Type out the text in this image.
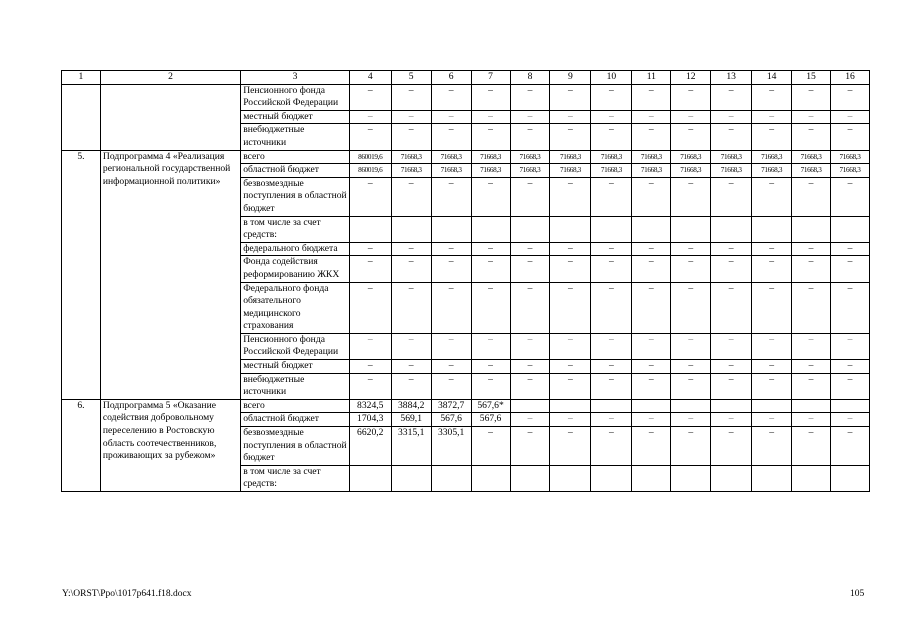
1	2	3	4	5	6	7	8	9	10	11	12	13	14	15	16
		Пенсионного фонда Российской Федерации	–	–	–	–	–	–	–	–	–	–	–	–	–
		местный бюджет	–	–	–	–	–	–	–	–	–	–	–	–	–
		внебюджетные источники	–	–	–	–	–	–	–	–	–	–	–	–	–
5.	Подпрограмма 4 «Реализация региональной государственной информационной политики»	всего	860019,6	71668,3	71668,3	71668,3	71668,3	71668,3	71668,3	71668,3	71668,3	71668,3	71668,3	71668,3	71668,3
		областной бюджет	860019,6	71668,3	71668,3	71668,3	71668,3	71668,3	71668,3	71668,3	71668,3	71668,3	71668,3	71668,3	71668,3
		безвозмездные поступления в областной бюджет	–	–	–	–	–	–	–	–	–	–	–	–	–
		в том числе за счет средств:													
		федерального бюджета	–	–	–	–	–	–	–	–	–	–	–	–	–
		Фонда содействия реформированию ЖКХ	–	–	–	–	–	–	–	–	–	–	–	–	–
		Федерального фонда обязательного медицинского страхования	–	–	–	–	–	–	–	–	–	–	–	–	–
		Пенсионного фонда Российской Федерации	–	–	–	–	–	–	–	–	–	–	–	–	–
		местный бюджет	–	–	–	–	–	–	–	–	–	–	–	–	–
		внебюджетные источники	–	–	–	–	–	–	–	–	–	–	–	–	–
6.	Подпрограмма 5 «Оказание содействия добровольному переселению в Ростовскую область соотечественников, проживающих за рубежом»	всего	8324,5	3884,2	3872,7	567,6*									
		областной бюджет	1704,3	569,1	567,6	567,6	–	–	–	–	–	–	–	–	–
		безвозмездные поступления в областной бюджет	6620,2	3315,1	3305,1	–	–	–	–	–	–	–	–	–	–
		в том числе за счет средств:													
Y:\ORST\Ppo\1017p641.f18.docx	105
